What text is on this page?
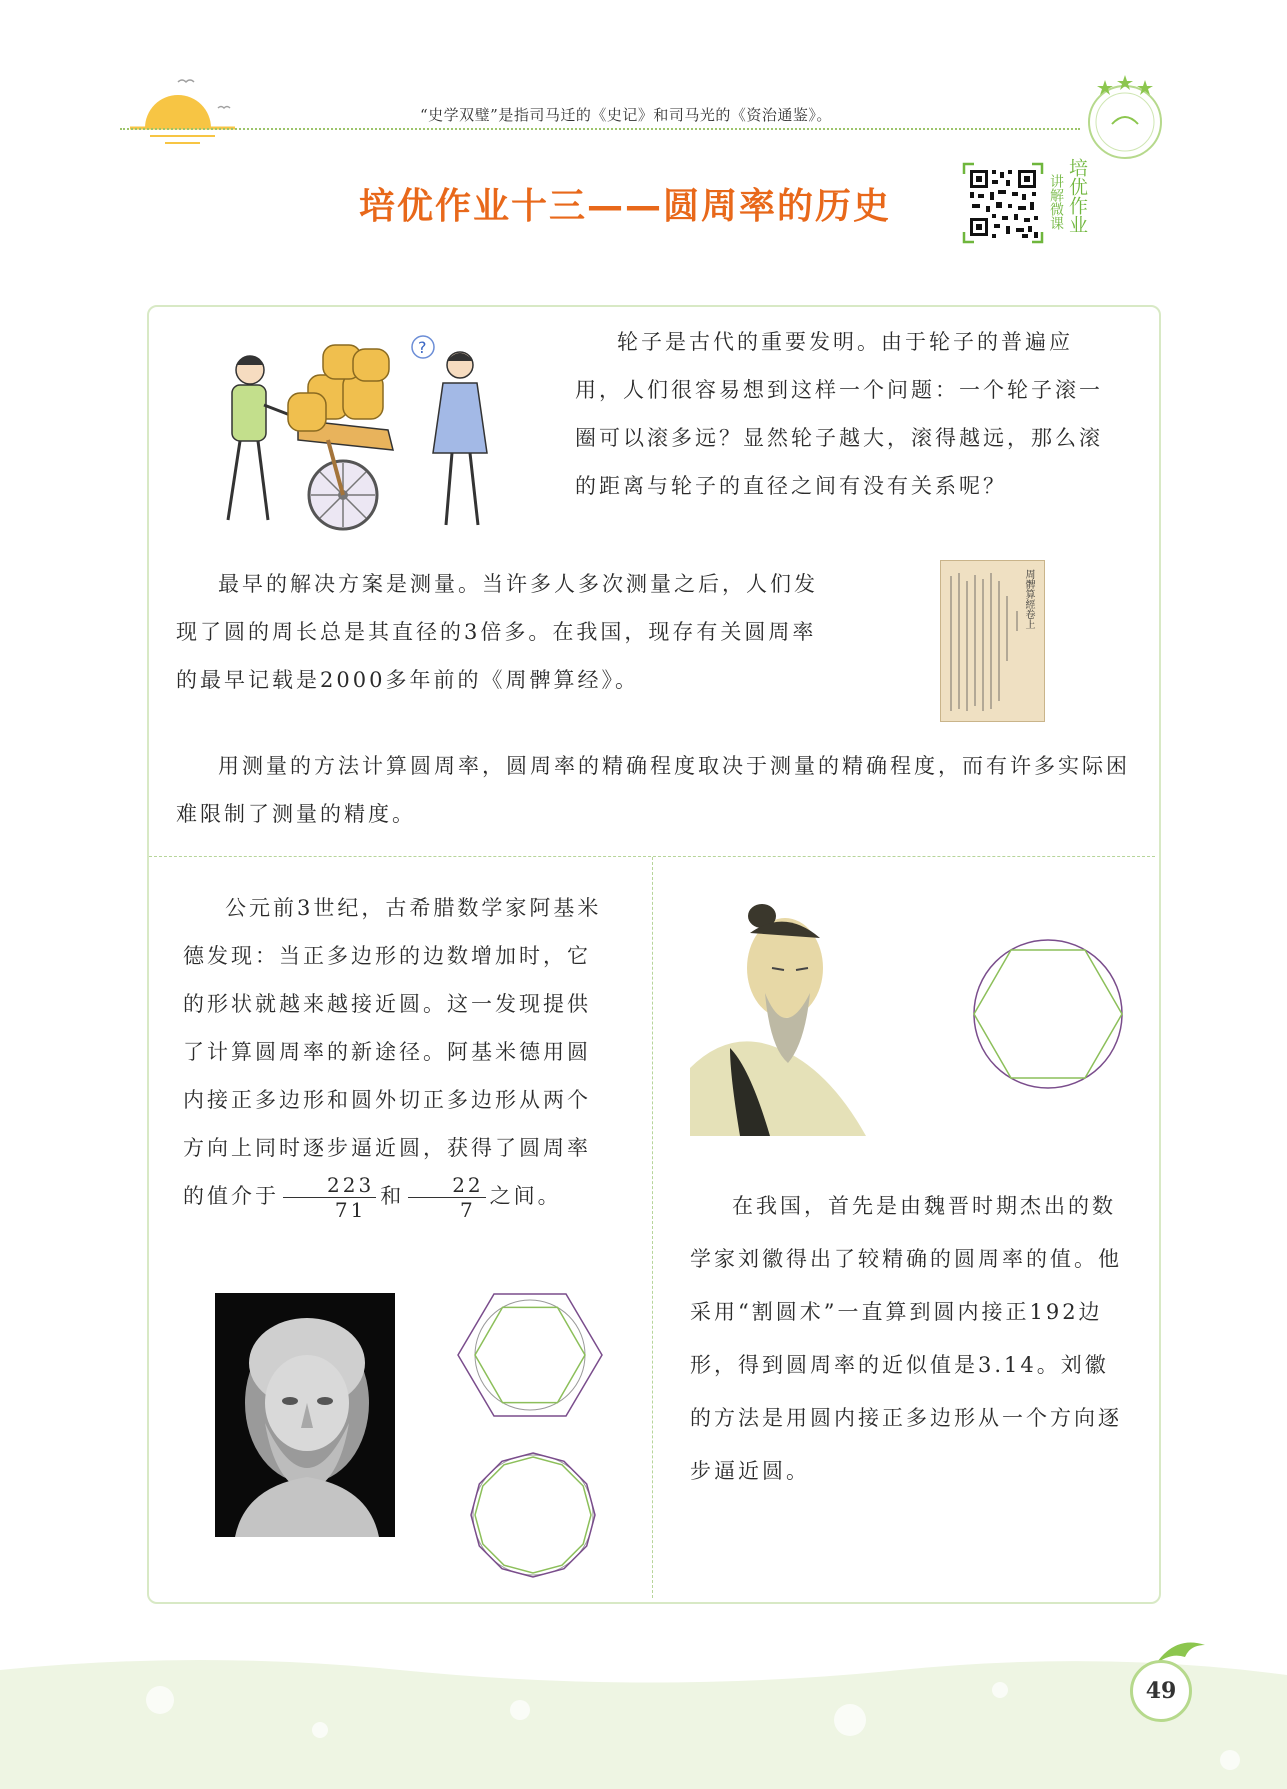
“史学双璧”是指司马迁的《史记》和司马光的《资治通鉴》。
培优作业十三——圆周率的历史	讲解微课 培优作业
?	轮子是古代的重要发明。由于轮子的普遍应用，人们很容易想到这样一个问题：一个轮子滚一圈可以滚多远？显然轮子越大，滚得越远，那么滚的距离与轮子的直径之间有没有关系呢？
最早的解决方案是测量。当许多人多次测量之后，人们发现了圆的周长总是其直径的3倍多。在我国，现存有关圆周率的最早记载是2000多年前的《周髀算经》。
周髀算經卷上
用测量的方法计算圆周率，圆周率的精确程度取决于测量的精确程度，而有许多实际困难限制了测量的精度。
公元前3世纪，古希腊数学家阿基米德发现：当正多边形的边数增加时，它的形状就越来越接近圆。这一发现提供了计算圆周率的新途径。阿基米德用圆内接正多边形和圆外切正多边形从两个方向上同时逐步逼近圆，获得了圆周率的值介于 $\frac{223}{71}$ 和 $\frac{22}{7}$ 之间。	在我国，首先是由魏晋时期杰出的数学家刘徽得出了较精确的圆周率的值。他采用“割圆术”一直算到圆内接正192边形，得到圆周率的近似值是3.14。刘徽的方法是用圆内接正多边形从一个方向逐步逼近圆。
49
